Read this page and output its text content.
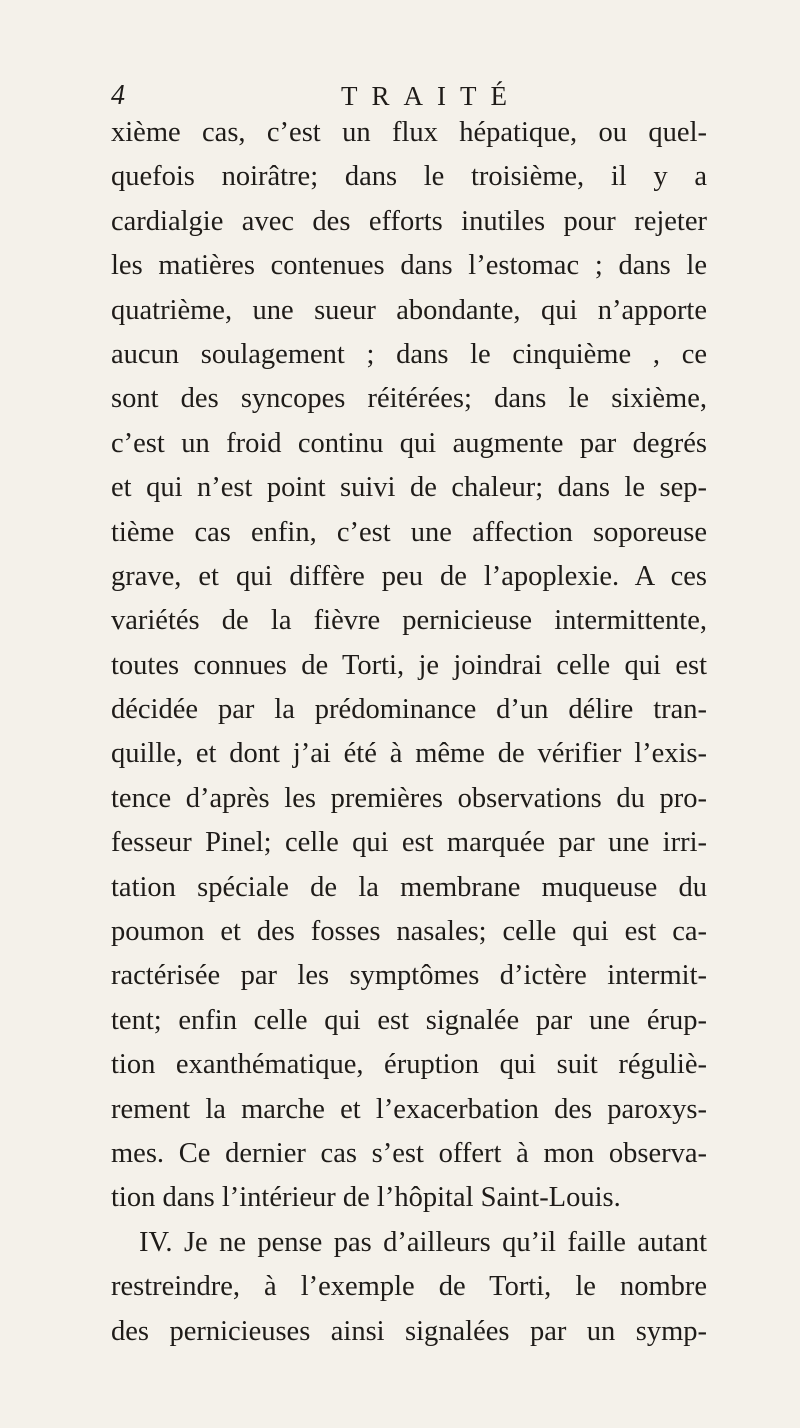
4	TRAITÉ
xième cas, c’est un flux hépatique, ou quel-
quefois noirâtre; dans le troisième, il y a
cardialgie avec des efforts inutiles pour rejeter
les matières contenues dans l’estomac ; dans le
quatrième, une sueur abondante, qui n’apporte
aucun soulagement ; dans le cinquième , ce
sont des syncopes réitérées; dans le sixième,
c’est un froid continu qui augmente par degrés
et qui n’est point suivi de chaleur; dans le sep-
tième cas enfin, c’est une affection soporeuse
grave, et qui diffère peu de l’apoplexie. A ces
variétés de la fièvre pernicieuse intermittente,
toutes connues de Torti, je joindrai celle qui est
décidée par la prédominance d’un délire tran-
quille, et dont j’ai été à même de vérifier l’exis-
tence d’après les premières observations du pro-
fesseur Pinel; celle qui est marquée par une irri-
tation spéciale de la membrane muqueuse du
poumon et des fosses nasales; celle qui est ca-
ractérisée par les symptômes d’ictère intermit-
tent; enfin celle qui est signalée par une érup-
tion exanthématique, éruption qui suit réguliè-
rement la marche et l’exacerbation des paroxys-
mes. Ce dernier cas s’est offert à mon observa-
tion dans l’intérieur de l’hôpital Saint-Louis.
IV. Je ne pense pas d’ailleurs qu’il faille autant
restreindre, à l’exemple de Torti, le nombre
des pernicieuses ainsi signalées par un symp-
